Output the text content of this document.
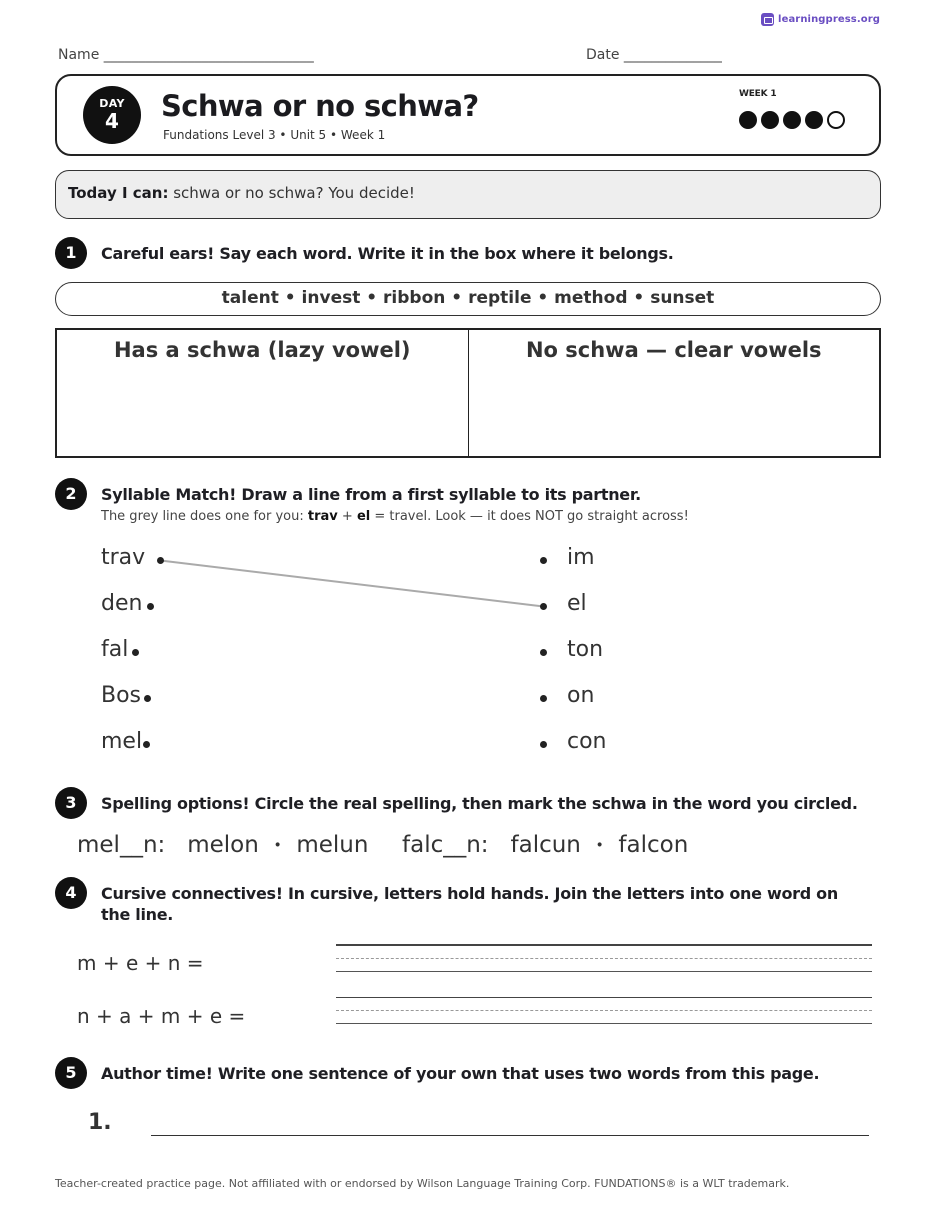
learningpress.org
Name ______________________________	Date ______________
DAY
4	Schwa or no schwa?
Fundations Level 3 • Unit 5 • Week 1
WEEK 1
Today I can: schwa or no schwa? You decide!
1	Careful ears! Say each word. Write it in the box where it belongs.
talent • invest • ribbon • reptile • method • sunset
Has a schwa (lazy vowel)	No schwa — clear vowels
2	Syllable Match! Draw a line from a first syllable to its partner.
The grey line does one for you: trav + el = travel. Look — it does NOT go straight across!
trav
den
fal
Bos
mel
im
el
ton
on
con
3	Spelling options! Circle the real spelling, then mark the schwa in the word you circled.
mel__n: melon • melun falc__n: falcun • falcon
4	Cursive connectives! In cursive, letters hold hands. Join the letters into one word on the line.
m + e + n =
n + a + m + e =
5	Author time! Write one sentence of your own that uses two words from this page.
1.
Teacher-created practice page. Not affiliated with or endorsed by Wilson Language Training Corp. FUNDATIONS® is a WLT trademark.
